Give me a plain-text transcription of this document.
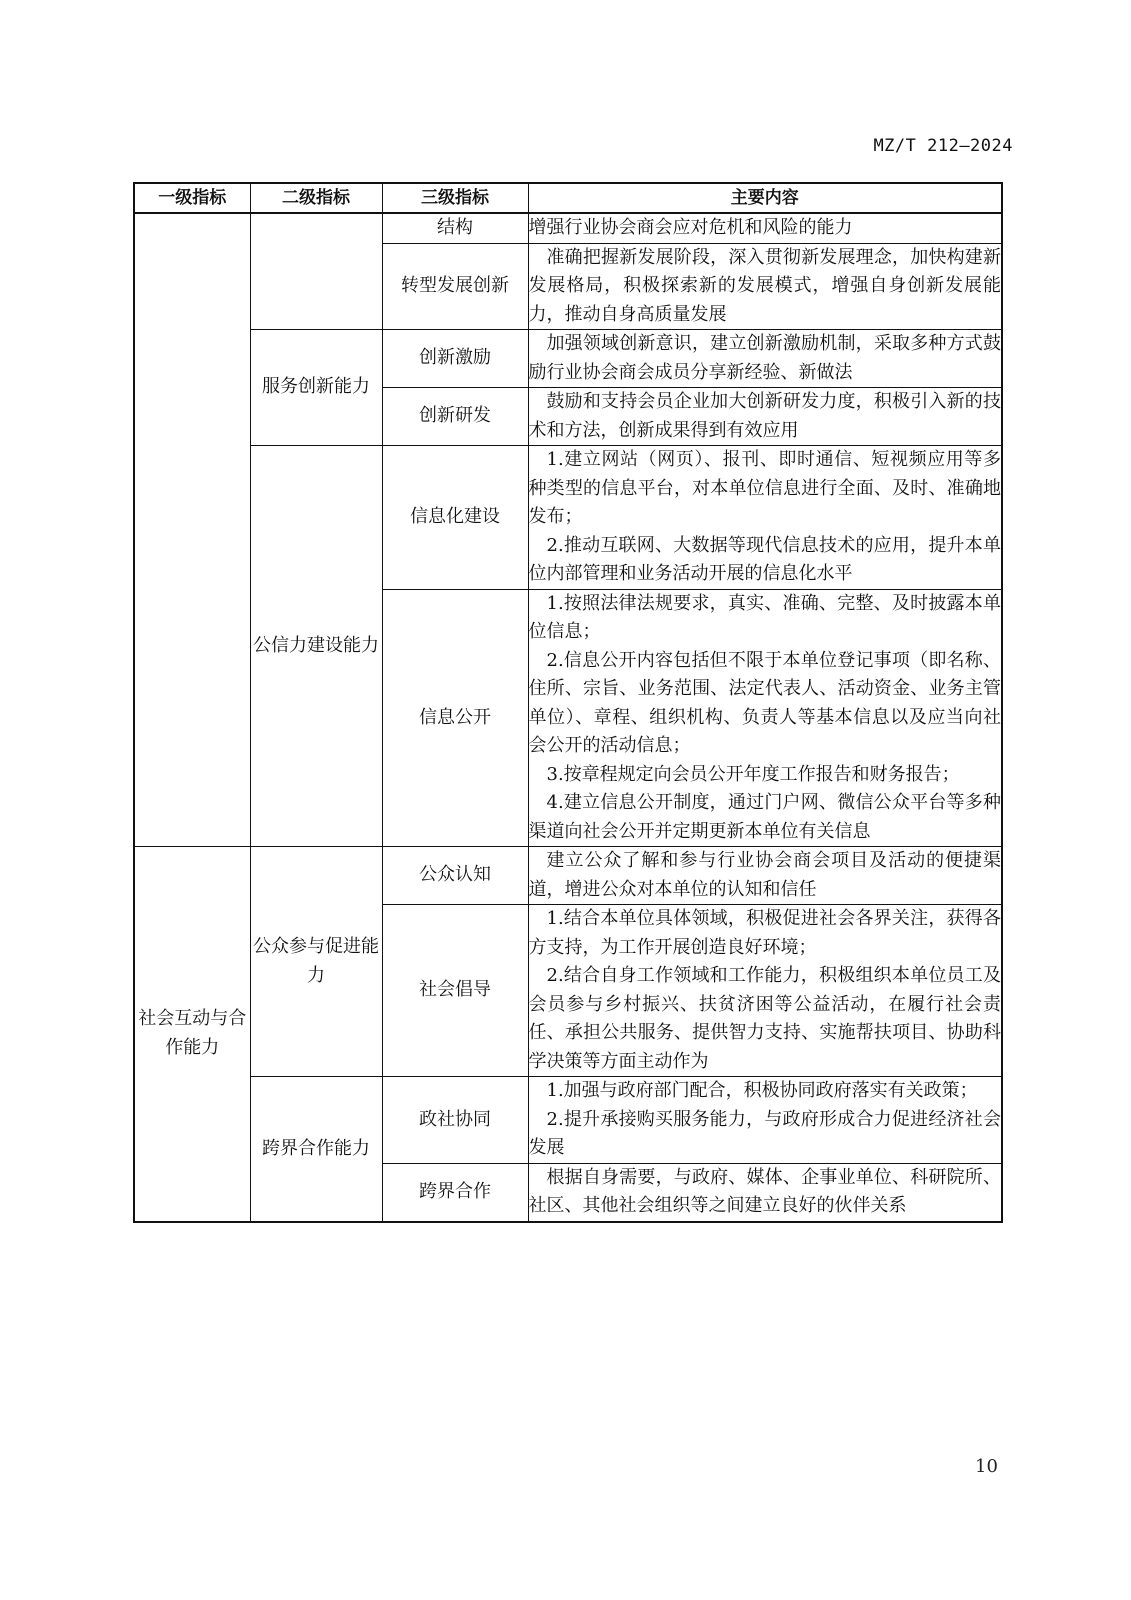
MZ/T 212—2024
一级指标	二级指标	三级指标	主要内容
		结构	增强行业协会商会应对危机和风险的能力

		转型发展创新	准确把握新发展阶段，深入贯彻新发展理念，加快构建新发展格局，积极探索新的发展模式，增强自身创新发展能力，推动自身高质量发展

	服务创新能力	创新激励	加强领域创新意识，建立创新激励机制，采取多种方式鼓励行业协会商会成员分享新经验、新做法

		创新研发	鼓励和支持会员企业加大创新研发力度，积极引入新的技术和方法，创新成果得到有效应用

	公信力建设能力	信息化建设	1.建立网站（网页）、报刊、即时通信、短视频应用等多种类型的信息平台，对本单位信息进行全面、及时、准确地发布；
2.推动互联网、大数据等现代信息技术的应用，提升本单位内部管理和业务活动开展的信息化水平

		信息公开	1.按照法律法规要求，真实、准确、完整、及时披露本单位信息；
2.信息公开内容包括但不限于本单位登记事项（即名称、住所、宗旨、业务范围、法定代表人、活动资金、业务主管单位）、章程、组织机构、负责人等基本信息以及应当向社会公开的活动信息；
3.按章程规定向会员公开年度工作报告和财务报告；
4.建立信息公开制度，通过门户网、微信公众平台等多种渠道向社会公开并定期更新本单位有关信息

社会互动与合作能力	公众参与促进能力	公众认知	建立公众了解和参与行业协会商会项目及活动的便捷渠道，增进公众对本单位的认知和信任

		社会倡导	1.结合本单位具体领域，积极促进社会各界关注，获得各方支持，为工作开展创造良好环境；
2.结合自身工作领域和工作能力，积极组织本单位员工及会员参与乡村振兴、扶贫济困等公益活动，在履行社会责任、承担公共服务、提供智力支持、实施帮扶项目、协助科学决策等方面主动作为

	跨界合作能力	政社协同	1.加强与政府部门配合，积极协同政府落实有关政策；
2.提升承接购买服务能力，与政府形成合力促进经济社会发展

		跨界合作	根据自身需要，与政府、媒体、企事业单位、科研院所、社区、其他社会组织等之间建立良好的伙伴关系
10
